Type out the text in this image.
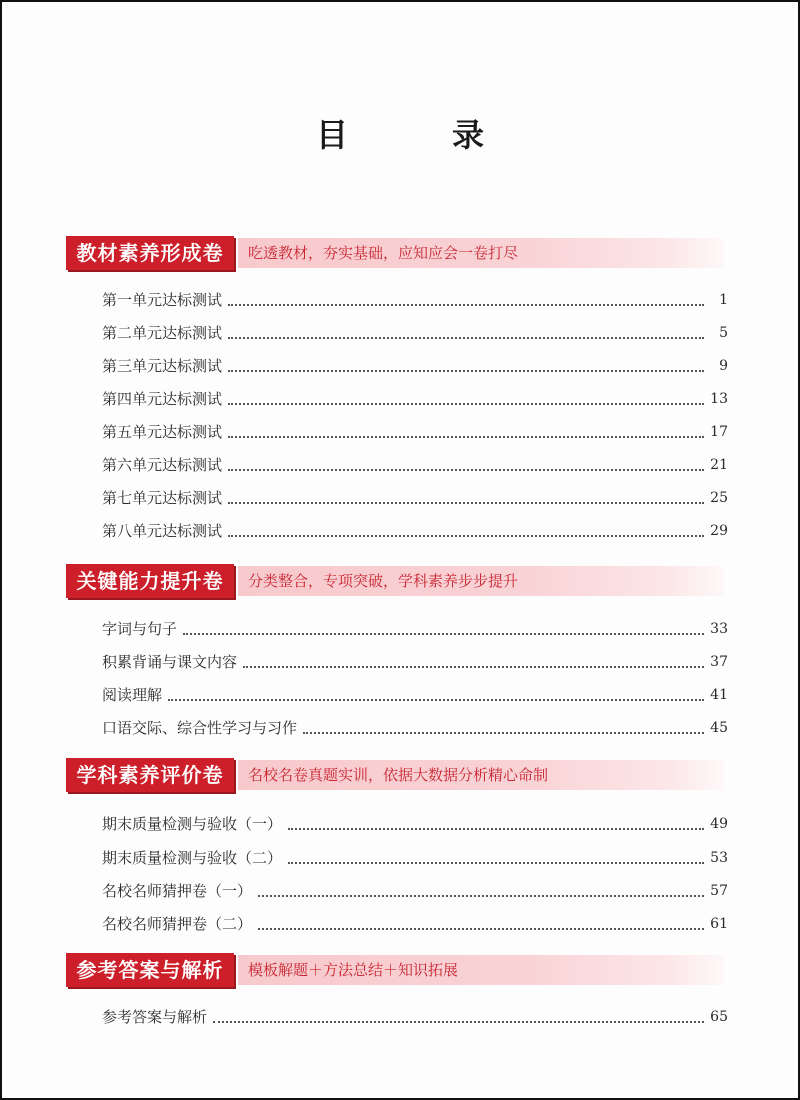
目　录
教材素养形成卷	吃透教材，夯实基础，应知应会一卷打尽
第一单元达标测试	1
第二单元达标测试	5
第三单元达标测试	9
第四单元达标测试	13
第五单元达标测试	17
第六单元达标测试	21
第七单元达标测试	25
第八单元达标测试	29
关键能力提升卷	分类整合，专项突破，学科素养步步提升
字词与句子	33
积累背诵与课文内容	37
阅读理解	41
口语交际、综合性学习与习作	45
学科素养评价卷	名校名卷真题实训，依据大数据分析精心命制
期末质量检测与验收（一）	49
期末质量检测与验收（二）	53
名校名师猜押卷（一）	57
名校名师猜押卷（二）	61
参考答案与解析	模板解题＋方法总结＋知识拓展
参考答案与解析	65
